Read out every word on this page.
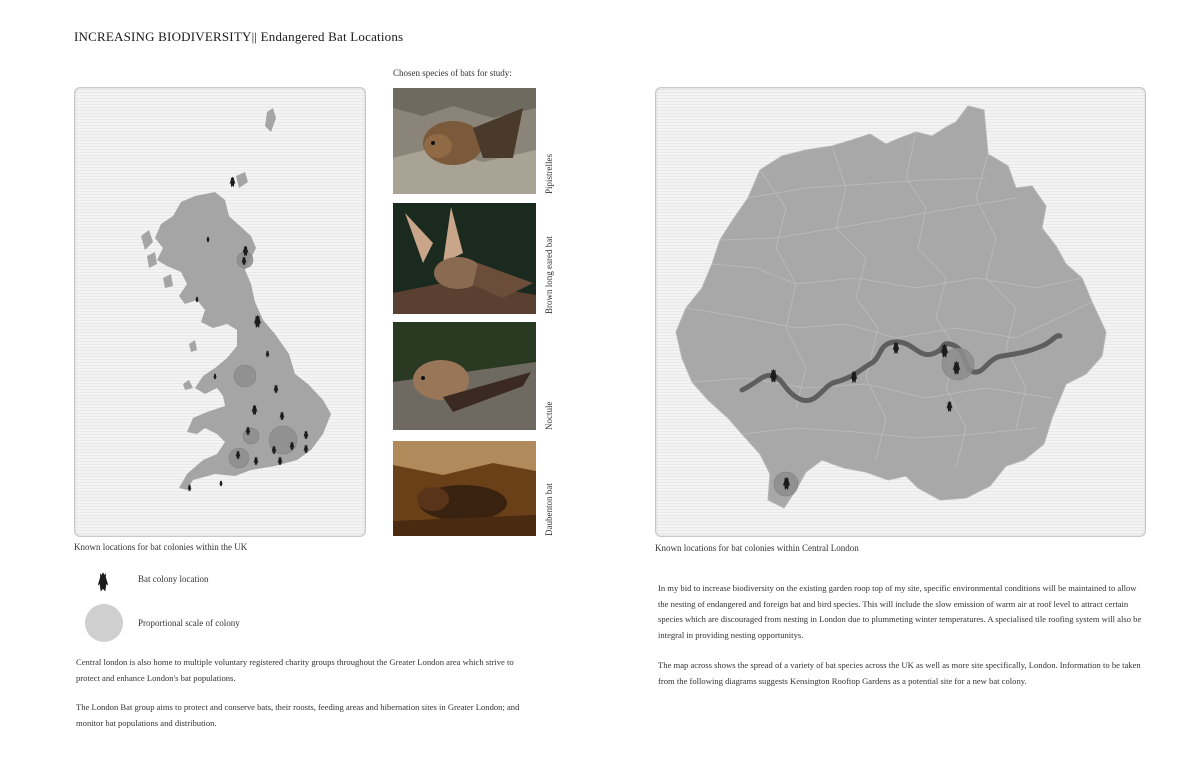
INCREASING BIODIVERSITY|| Endangered Bat Locations
Known locations for bat colonies within the UK
Chosen species of bats for study:
Pipistrelles
Brown long eared bat
Noctule
Daubenton bat
Bat colony location
Proportional scale of colony
Central london is also home to multiple voluntary registered charity groups throughout the Greater London area which strive to protect and enhance London's bat populations.
The London Bat group aims to protect and conserve bats, their roosts, feeding areas and hibernation sites in Greater London; and monitor bat populations and distribution.
Known locations for bat colonies within Central London
In my bid to increase biodiversity on the existing garden roop top of my site, specific environmental conditions will be maintained to allow the nesting of endangered and foreign bat and bird species. This will include the slow emission of warm air at roof level to attract certain species which are discouraged from nesting in London due to plummeting winter temperatures. A specialised tile roofing system will also be integral in providing nesting opportunitys.
The map across shows the spread of a variety of bat species across the UK as well as more site specifically, London. Information to be taken from the following diagrams suggests Kensington Rooftop Gardens as a potential site for a new bat colony.
